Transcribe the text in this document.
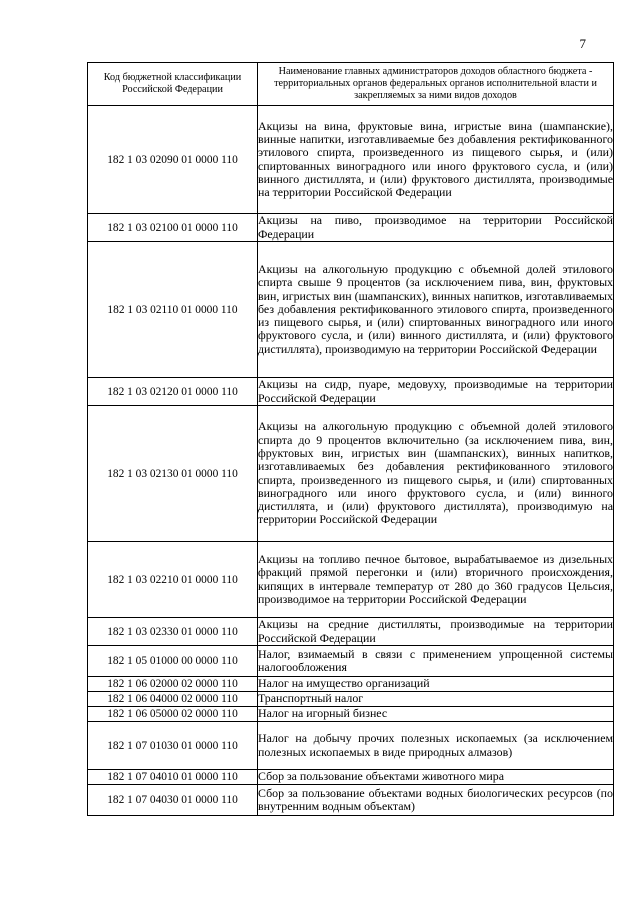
7
Код бюджетной классификации Российской Федерации	Наименование главных администраторов доходов областного бюджета - территориальных органов федеральных органов исполнительной власти и закрепляемых за ними видов доходов
182 1 03 02090 01 0000 110	Акцизы на вина, фруктовые вина, игристые вина (шампанские), винные напитки, изготавливаемые без добавления ректификованного этилового спирта, произведенного из пищевого сырья, и (или) спиртованных виноградного или иного фруктового сусла, и (или) винного дистиллята, и (или) фруктового дистиллята, производимые на территории Российской Федерации
182 1 03 02100 01 0000 110	Акцизы на пиво, производимое на территории Российской Федерации
182 1 03 02110 01 0000 110	Акцизы на алкогольную продукцию с объемной долей этилового спирта свыше 9 процентов (за исключением пива, вин, фруктовых вин, игристых вин (шампанских), винных напитков, изготавливаемых без добавления ректификованного этилового спирта, произведенного из пищевого сырья, и (или) спиртованных виноградного или иного фруктового сусла, и (или) винного дистиллята, и (или) фруктового дистиллята), производимую на территории Российской Федерации
182 1 03 02120 01 0000 110	Акцизы на сидр, пуаре, медовуху, производимые на территории Российской Федерации
182 1 03 02130 01 0000 110	Акцизы на алкогольную продукцию с объемной долей этилового спирта до 9 процентов включительно (за исключением пива, вин, фруктовых вин, игристых вин (шампанских), винных напитков, изготавливаемых без добавления ректификованного этилового спирта, произведенного из пищевого сырья, и (или) спиртованных виноградного или иного фруктового сусла, и (или) винного дистиллята, и (или) фруктового дистиллята), производимую на территории Российской Федерации
182 1 03 02210 01 0000 110	Акцизы на топливо печное бытовое, вырабатываемое из дизельных фракций прямой перегонки и (или) вторичного происхождения, кипящих в интервале температур от 280 до 360 градусов Цельсия, производимое на территории Российской Федерации
182 1 03 02330 01 0000 110	Акцизы на средние дистилляты, производимые на территории Российской Федерации
182 1 05 01000 00 0000 110	Налог, взимаемый в связи с применением упрощенной системы налогообложения
182 1 06 02000 02 0000 110	Налог на имущество организаций
182 1 06 04000 02 0000 110	Транспортный налог
182 1 06 05000 02 0000 110	Налог на игорный бизнес
182 1 07 01030 01 0000 110	Налог на добычу прочих полезных ископаемых (за исключением полезных ископаемых в виде природных алмазов)
182 1 07 04010 01 0000 110	Сбор за пользование объектами животного мира
182 1 07 04030 01 0000 110	Сбор за пользование объектами водных биологических ресурсов (по внутренним водным объектам)
